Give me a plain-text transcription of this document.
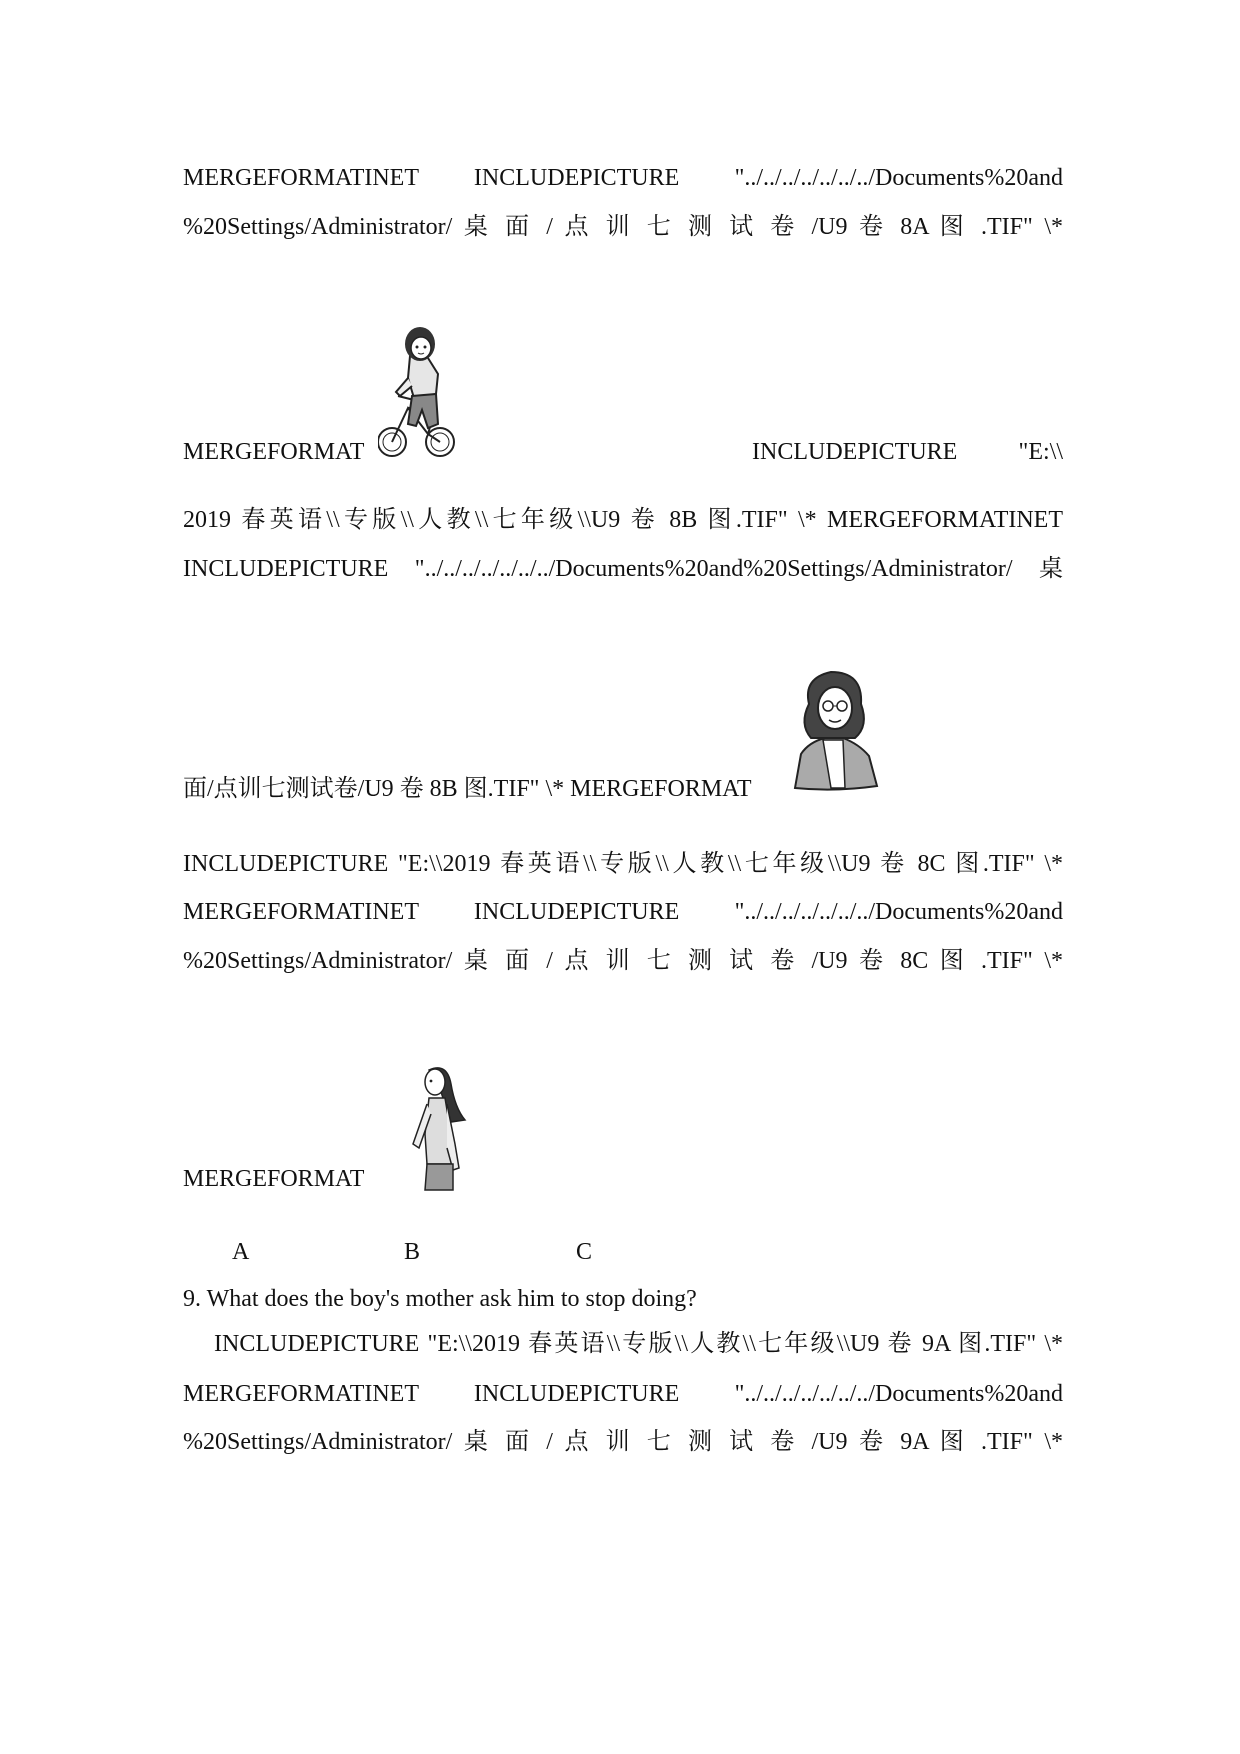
MERGEFORMATINET INCLUDEPICTURE "../../../../../../../Documents%20and
%20Settings/Administrator/ 桌 面 / 点 训 七 测 试 卷 /U9 卷 8A 图 .TIF" \*
MERGEFORMAT	INCLUDEPICTURE "E:\\
2019 春英语\\专版\\人教\\七年级\\U9 卷 8B 图.TIF" \* MERGEFORMATINET
INCLUDEPICTURE "../../../../../../../Documents%20and%20Settings/Administrator/ 桌
面/点训七测试卷/U9 卷 8B 图.TIF" \* MERGEFORMAT
INCLUDEPICTURE "E:\\2019 春英语\\专版\\人教\\七年级\\U9 卷 8C 图.TIF" \*
MERGEFORMATINET INCLUDEPICTURE "../../../../../../../Documents%20and
%20Settings/Administrator/ 桌 面 / 点 训 七 测 试 卷 /U9 卷 8C 图 .TIF" \*
MERGEFORMAT
A	B	C
9. What does the boy's mother ask him to stop doing?
INCLUDEPICTURE "E:\\2019 春英语\\专版\\人教\\七年级\\U9 卷 9A 图.TIF" \*
MERGEFORMATINET INCLUDEPICTURE "../../../../../../../Documents%20and
%20Settings/Administrator/ 桌 面 / 点 训 七 测 试 卷 /U9 卷 9A 图 .TIF" \*
